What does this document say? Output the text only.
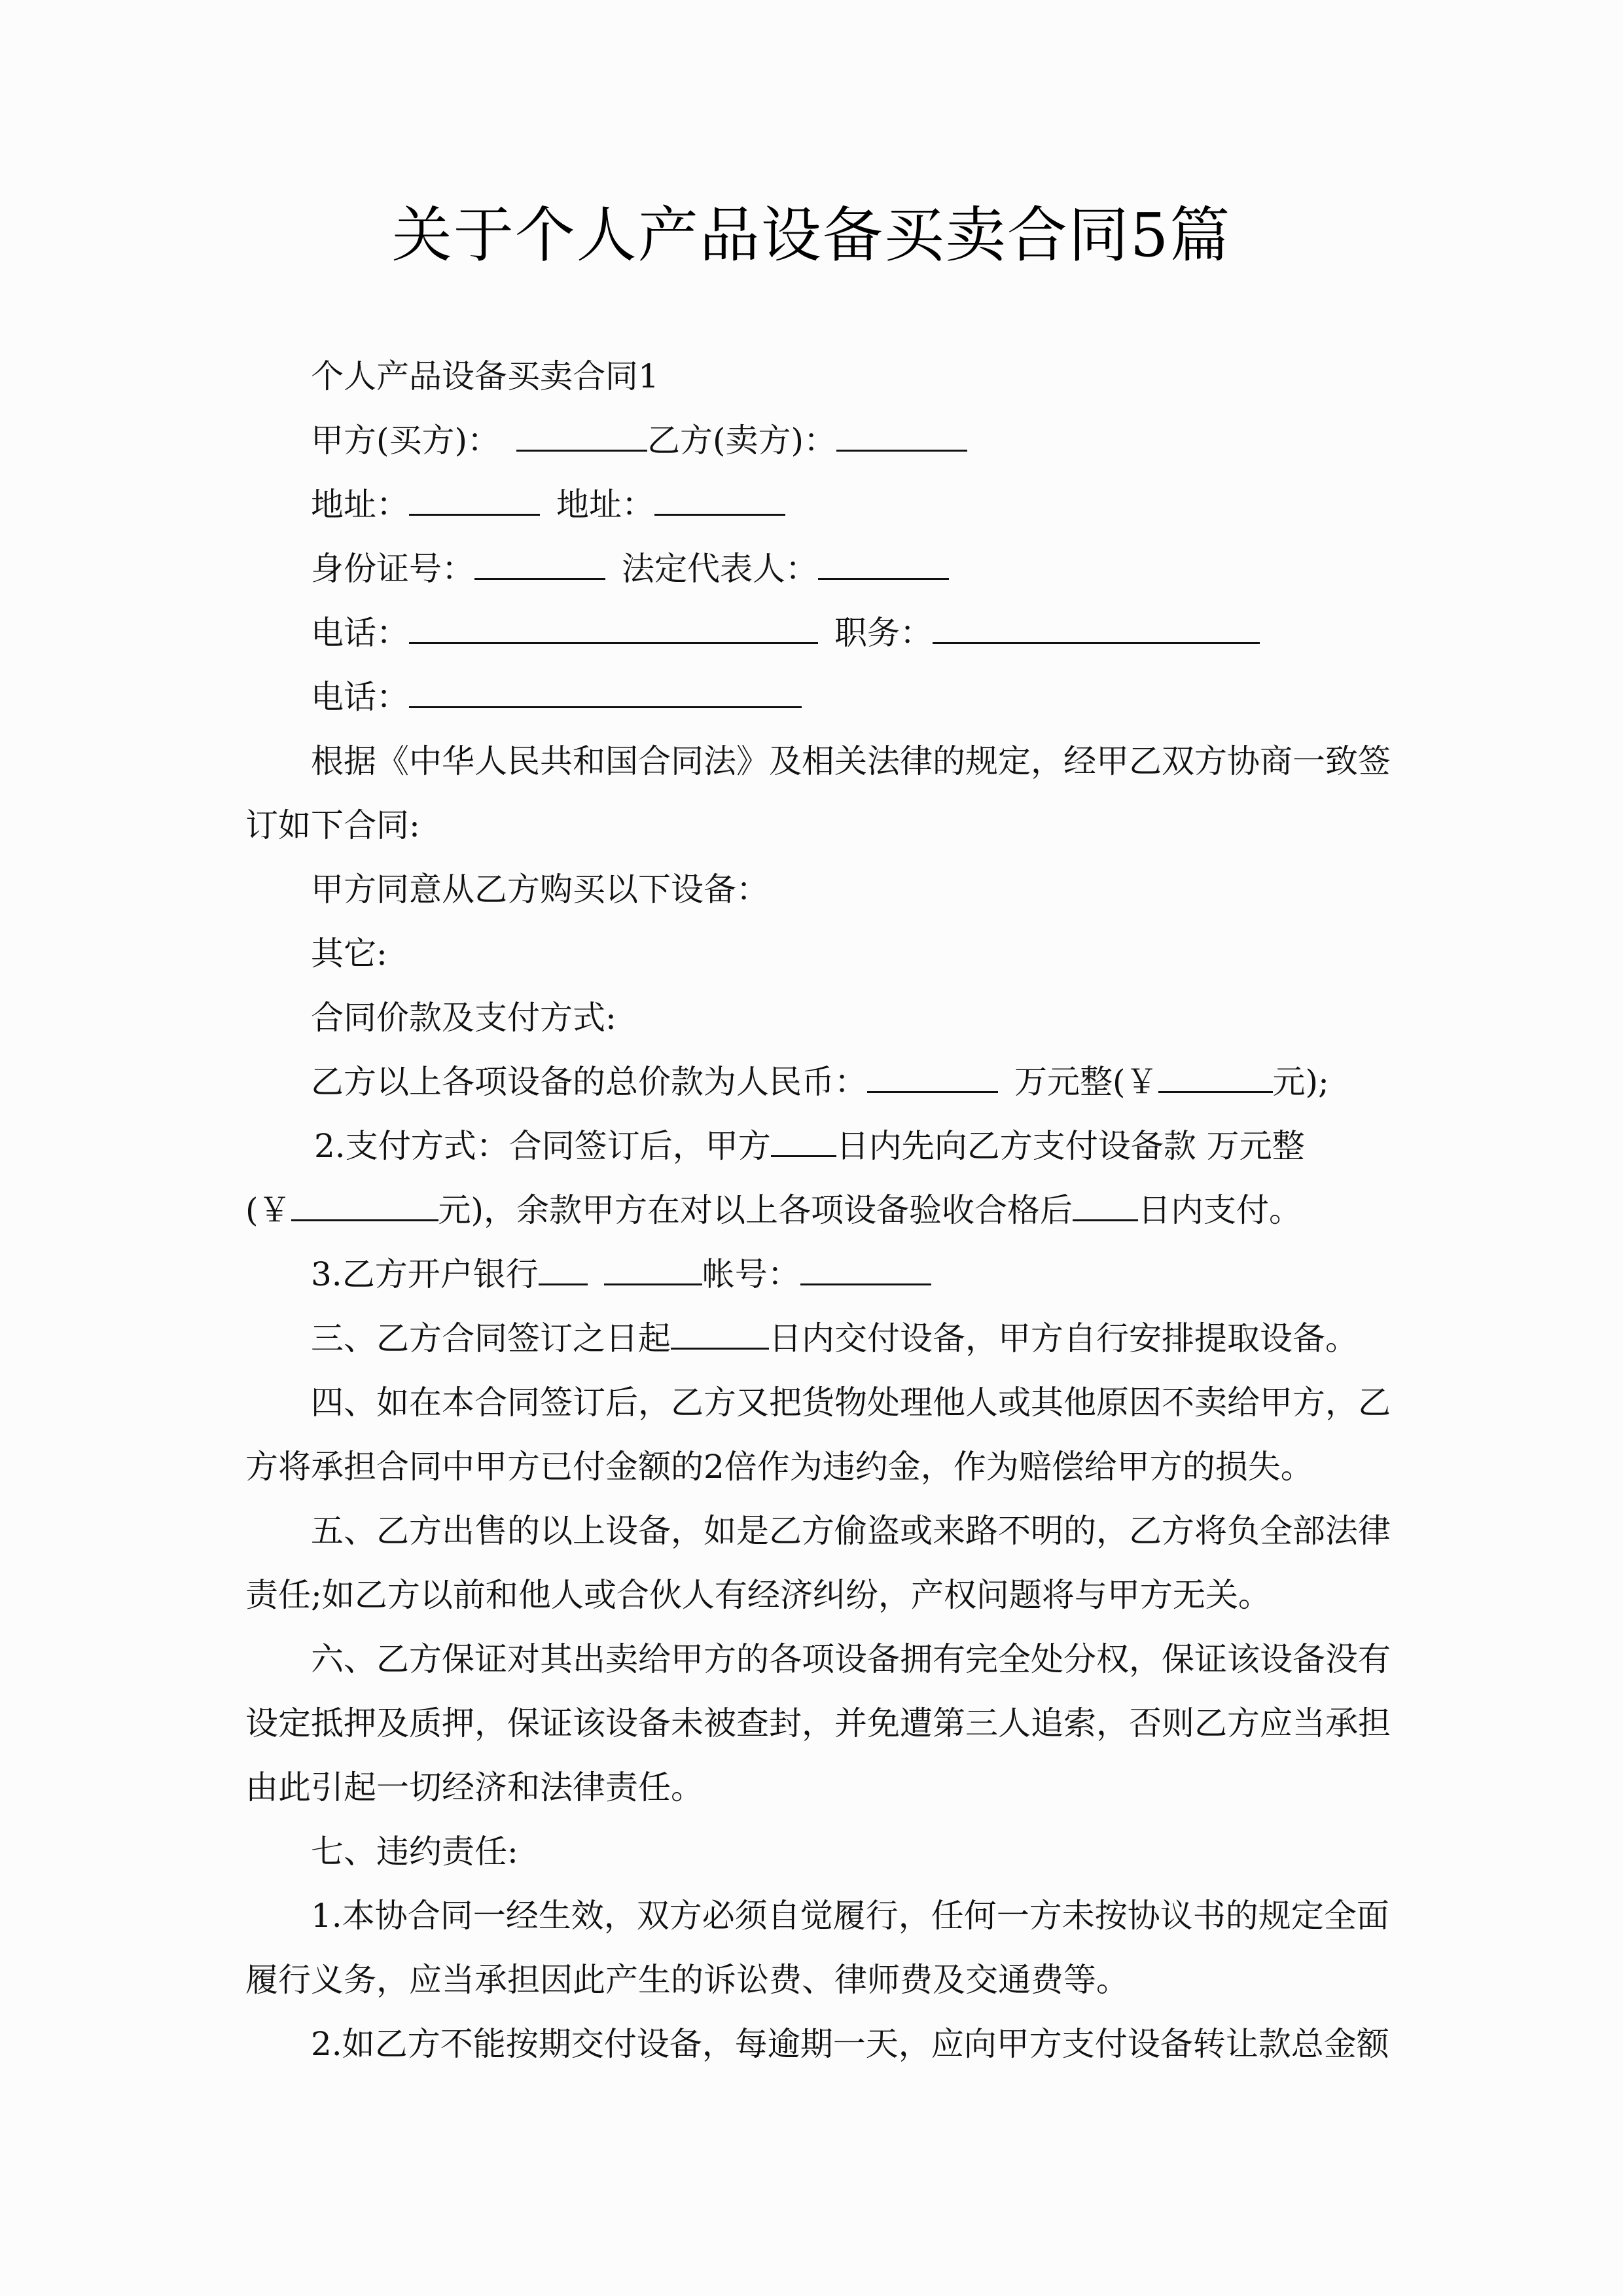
关于个人产品设备买卖合同5篇
个人产品设备买卖合同1
甲方(买方)：	乙方(卖方)：
地址：	地址：
身份证号：	法定代表人：
电话：	职务：
电话：
根据《中华人民共和国合同法》及相关法律的规定，经甲乙双方协商一致签
订如下合同:
甲方同意从乙方购买以下设备：
其它:
合同价款及支付方式:
乙方以上各项设备的总价款为人民币：	万元整(￥	元);
2.支付方式：合同签订后，甲方 日内先向乙方支付设备款 万元整
(￥	元)，余款甲方在对以上各项设备验收合格后 日内支付。
3.乙方开户银行	帐号：
三、乙方合同签订之日起	日内交付设备，甲方自行安排提取设备。
四、如在本合同签订后，乙方又把货物处理他人或其他原因不卖给甲方，乙
方将承担合同中甲方已付金额的2倍作为违约金，作为赔偿给甲方的损失。
五、乙方出售的以上设备，如是乙方偷盗或来路不明的，乙方将负全部法律
责任;如乙方以前和他人或合伙人有经济纠纷，产权问题将与甲方无关。
六、乙方保证对其出卖给甲方的各项设备拥有完全处分权，保证该设备没有
设定抵押及质押，保证该设备未被查封，并免遭第三人追索，否则乙方应当承担
由此引起一切经济和法律责任。
七、违约责任:
1.本协合同一经生效，双方必须自觉履行，任何一方未按协议书的规定全面
履行义务，应当承担因此产生的诉讼费、律师费及交通费等。
2.如乙方不能按期交付设备，每逾期一天，应向甲方支付设备转让款总金额
